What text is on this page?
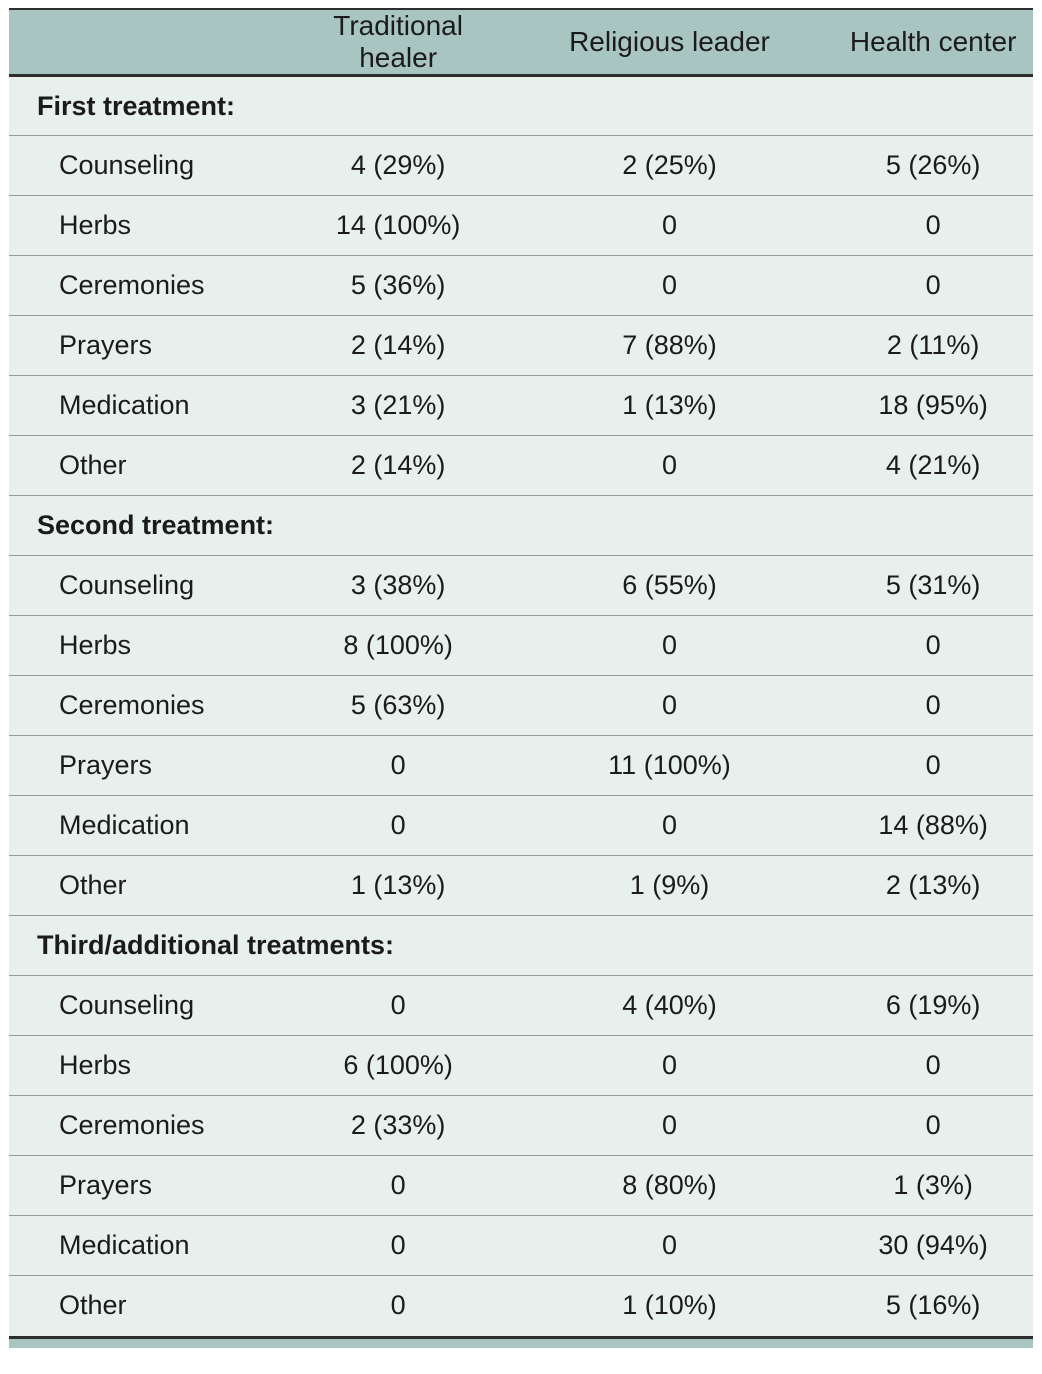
	Traditional healer	Religious leader	Health center
First treatment:			
Counseling	4 (29%)	2 (25%)	5 (26%)
Herbs	14 (100%)	0	0
Ceremonies	5 (36%)	0	0
Prayers	2 (14%)	7 (88%)	2 (11%)
Medication	3 (21%)	1 (13%)	18 (95%)
Other	2 (14%)	0	4 (21%)
Second treatment:			
Counseling	3 (38%)	6 (55%)	5 (31%)
Herbs	8 (100%)	0	0
Ceremonies	5 (63%)	0	0
Prayers	0	11 (100%)	0
Medication	0	0	14 (88%)
Other	1 (13%)	1 (9%)	2 (13%)
Third/additional treatments:			
Counseling	0	4 (40%)	6 (19%)
Herbs	6 (100%)	0	0
Ceremonies	2 (33%)	0	0
Prayers	0	8 (80%)	1 (3%)
Medication	0	0	30 (94%)
Other	0	1 (10%)	5 (16%)
